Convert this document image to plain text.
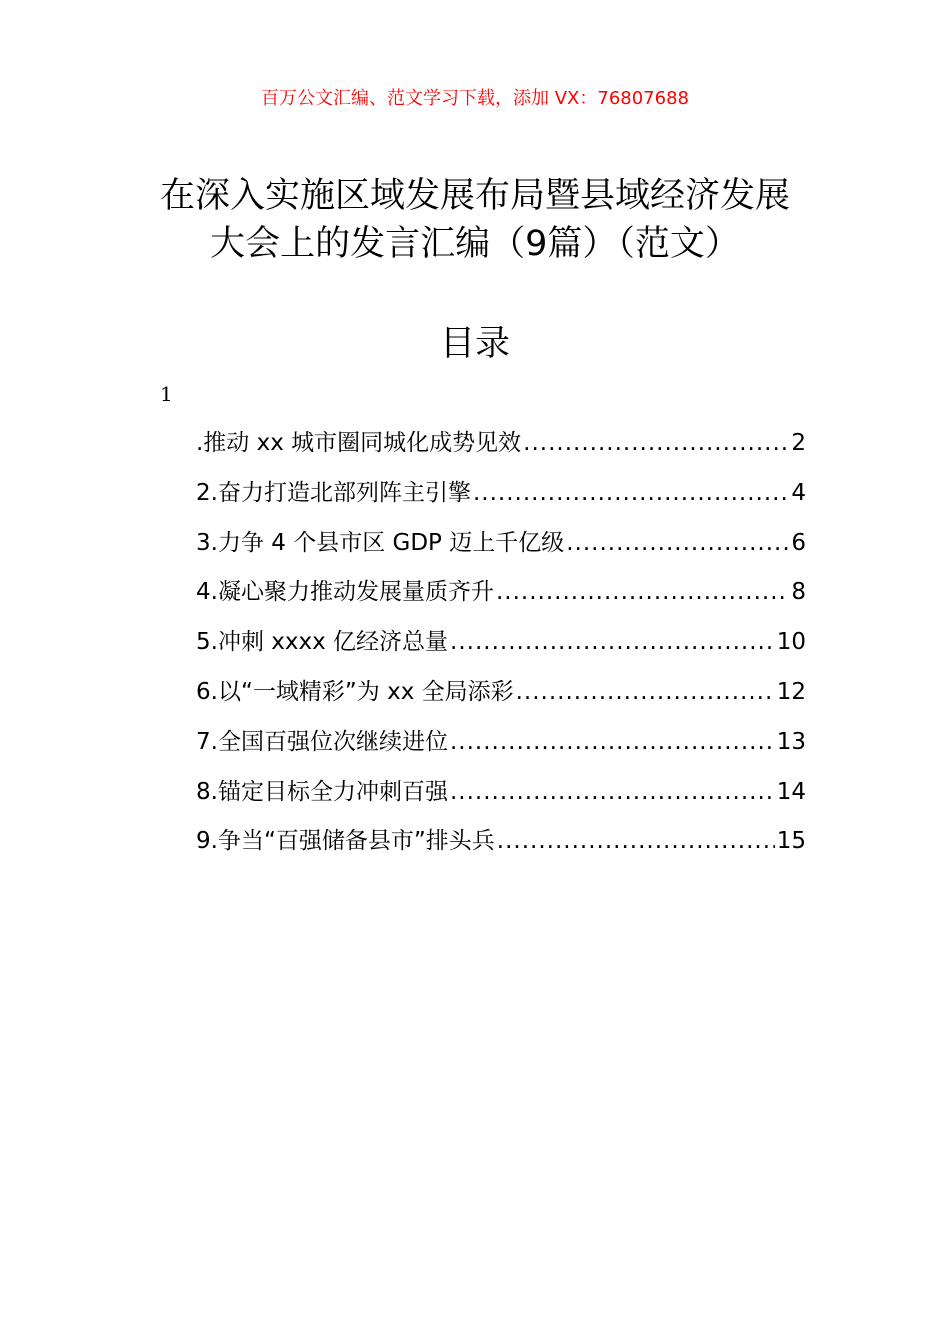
百万公文汇编、范文学习下载，添加 VX：76807688
在深入实施区域发展布局暨县域经济发展
大会上的发言汇编（9篇）（范文）
目录
1
.推动 xx 城市圈同城化成势见效 .....	2
2.奋力打造北部列阵主引擎 .....	4
3.力争 4 个县市区 GDP 迈上千亿级 .....	6
4.凝心聚力推动发展量质齐升 .....	8
5.冲刺 xxxx 亿经济总量 .....	10
6.以“一域精彩”为 xx 全局添彩 .....	12
7.全国百强位次继续进位 .....	13
8.锚定目标全力冲刺百强 .....	14
9.争当“百强储备县市”排头兵 .....	15
